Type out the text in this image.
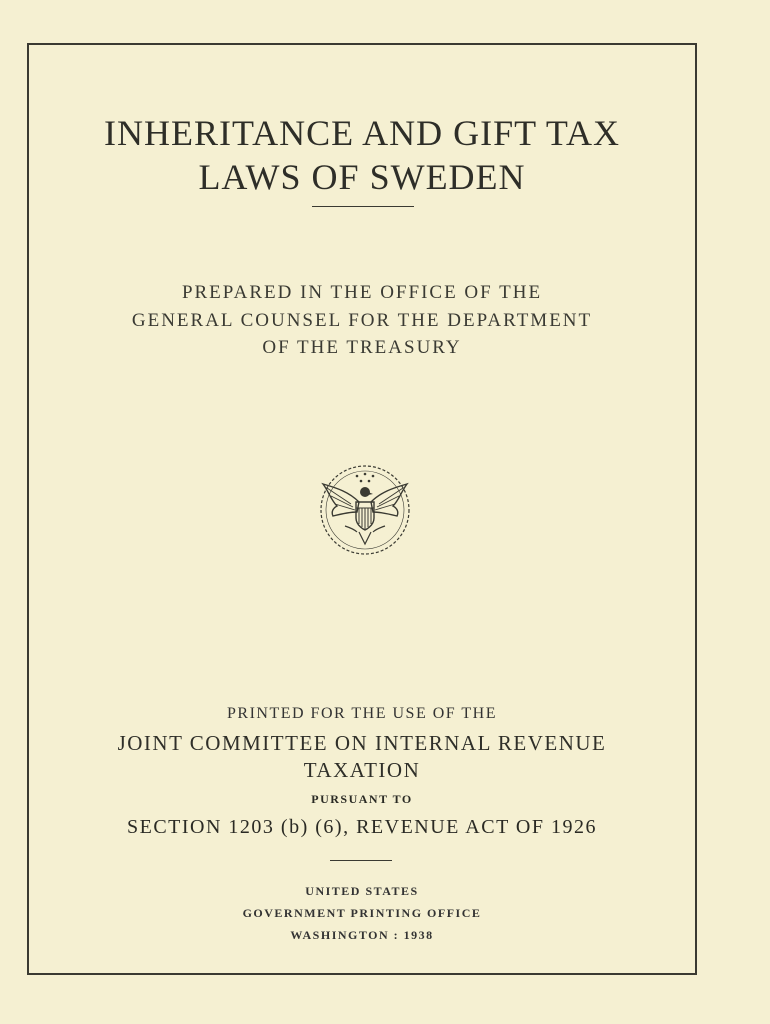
INHERITANCE AND GIFT TAX
LAWS OF SWEDEN
PREPARED IN THE OFFICE OF THE
GENERAL COUNSEL FOR THE DEPARTMENT
OF THE TREASURY
PRINTED FOR THE USE OF THE
JOINT COMMITTEE ON INTERNAL REVENUE
TAXATION
PURSUANT TO
SECTION 1203 (b) (6), REVENUE ACT OF 1926
UNITED STATES
GOVERNMENT PRINTING OFFICE
WASHINGTON : 1938
